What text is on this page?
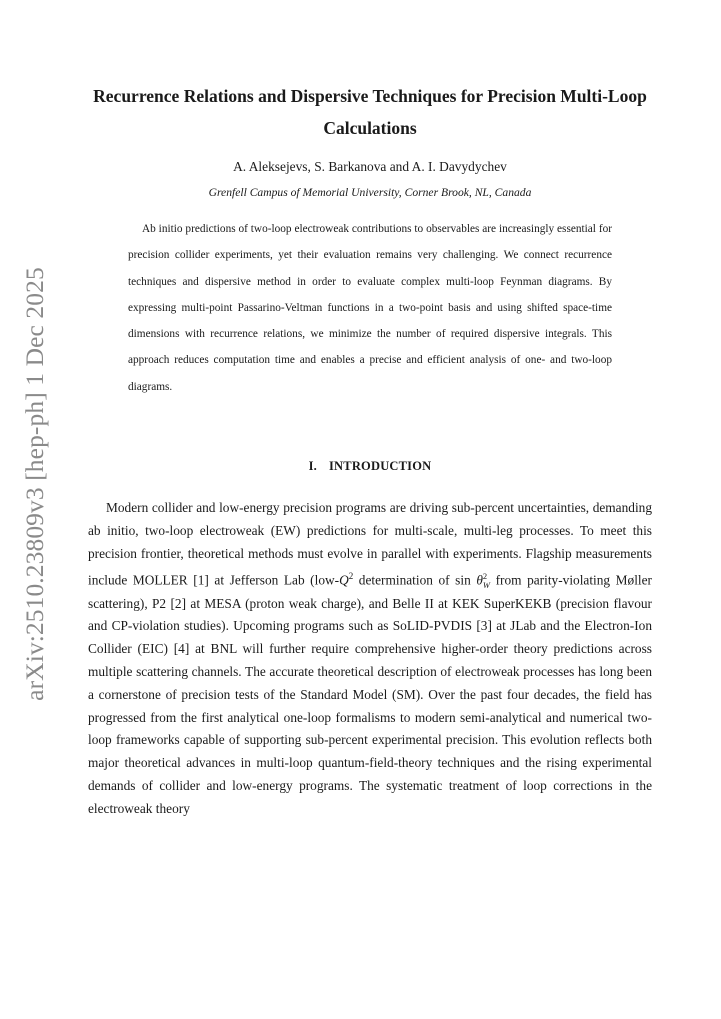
arXiv:2510.23809v3 [hep-ph] 1 Dec 2025
Recurrence Relations and Dispersive Techniques for Precision Multi-Loop Calculations
A. Aleksejevs, S. Barkanova and A. I. Davydychev
Grenfell Campus of Memorial University, Corner Brook, NL, Canada

Ab initio predictions of two-loop electroweak contributions to observables are increasingly essential for precision collider experiments, yet their evaluation remains very challenging. We connect recurrence techniques and dispersive method in order to evaluate complex multi-loop Feynman diagrams. By expressing multi-point Passarino-Veltman functions in a two-point basis and using shifted space-time dimensions with recurrence relations, we minimize the number of required dispersive integrals. This approach reduces computation time and enables a precise and efficient analysis of one- and two-loop diagrams.

I. INTRODUCTION

Modern collider and low-energy precision programs are driving sub-percent uncertainties, demanding ab initio, two-loop electroweak (EW) predictions for multi-scale, multi-leg processes. To meet this precision frontier, theoretical methods must evolve in parallel with experiments. Flagship measurements include MOLLER [1] at Jefferson Lab ($low-Q^2$ determination of sin θ 2
W from parity-violating Møller scattering), P2 [2] at MESA (proton weak charge), and Belle II at KEK SuperKEKB (precision flavour and CP-violation studies). Upcoming programs such as SoLID-PVDIS [3] at JLab and the Electron-Ion Collider (EIC) [4] at BNL will further require comprehensive higher-order theory predictions across multiple scattering channels. The accurate theoretical description of electroweak processes has long been a cornerstone of precision tests of the Standard Model (SM). Over the past four decades, the field has progressed from the first analytical one-loop formalisms to modern semi-analytical and numerical two-loop frameworks capable of supporting sub-percent experimental precision. This evolution reflects both major theoretical advances in multi-loop quantum-field-theory techniques and the rising experimental demands of collider and low-energy programs. The systematic treatment of loop corrections in the electroweak theory
